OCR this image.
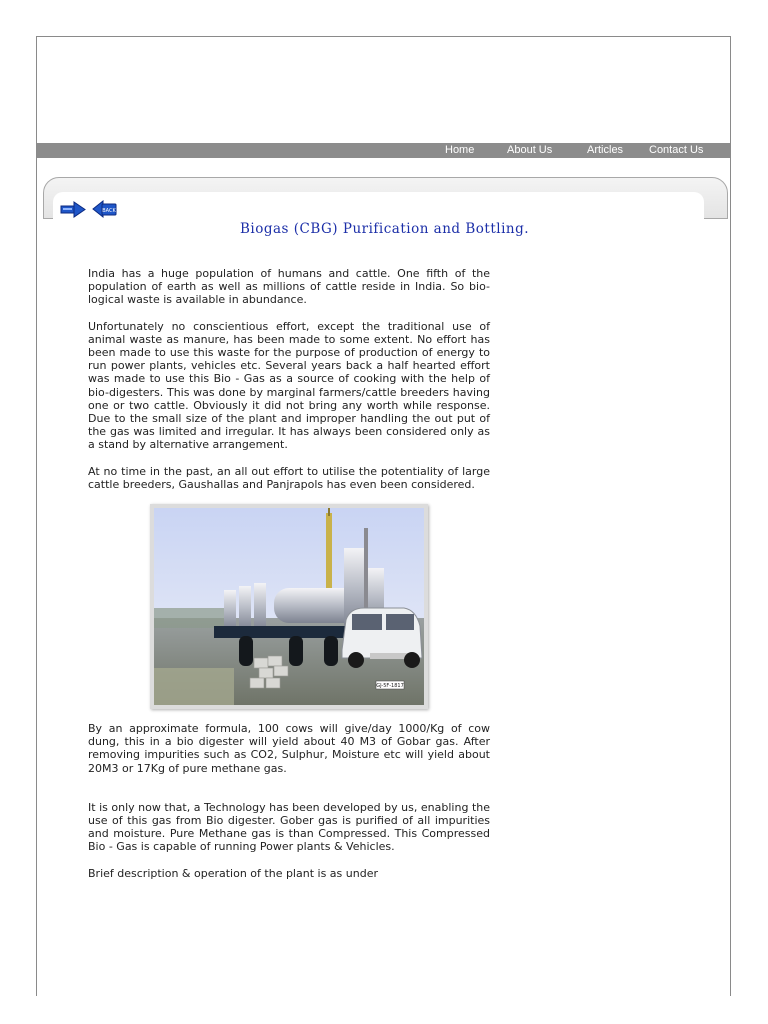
Home	About Us	Articles Contact Us
BACK
Biogas (CBG) Purification and Bottling.

India has a huge population of humans and cattle. One fifth of the population of earth as well as millions of cattle reside in India. So bio-logical waste is available in abundance.

Unfortunately no conscientious effort, except the traditional use of animal waste as manure, has been made to some extent. No effort has been made to use this waste for the purpose of production of energy to run power plants, vehicles etc. Several years back a half hearted effort was made to use this Bio - Gas as a source of cooking with the help of bio-digesters. This was done by marginal farmers/cattle breeders having one or two cattle. Obviously it did not bring any worth while response. Due to the small size of the plant and improper handling the out put of the gas was limited and irregular. It has always been considered only as a stand by alternative arrangement.

At no time in the past, an all out effort to utilise the potentiality of large cattle breeders, Gaushallas and Panjrapols has even been considered.

GJ-5F-1817

By an approximate formula, 100 cows will give/day 1000/Kg of cow dung, this in a bio digester will yield about 40 M3 of Gobar gas. After removing impurities such as CO2, Sulphur, Moisture etc will yield about 20M3 or 17Kg of pure methane gas.

It is only now that, a Technology has been developed by us, enabling the use of this gas from Bio digester. Gober gas is purified of all impurities and moisture. Pure Methane gas is than Compressed. This Compressed Bio - Gas is capable of running Power plants & Vehicles.

Brief description & operation of the plant is as under
